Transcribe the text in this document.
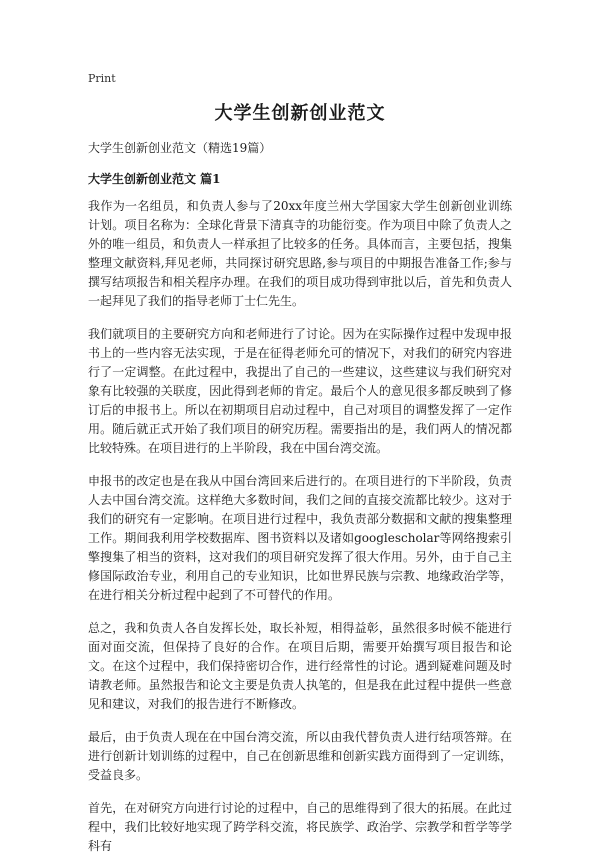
Print
大学生创新创业范文

大学生创新创业范文（精选19篇）

大学生创新创业范文 篇1

我作为一名组员，和负责人参与了20xx年度兰州大学国家大学生创新创业训练计划。项目名称为：全球化背景下清真寺的功能衍变。作为项目中除了负责人之外的唯一组员，和负责人一样承担了比较多的任务。具体而言，主要包括，搜集整理文献资料,拜见老师，共同探讨研究思路,参与项目的中期报告准备工作;参与撰写结项报告和相关程序办理。在我们的项目成功得到审批以后，首先和负责人一起拜见了我们的指导老师丁士仁先生。

我们就项目的主要研究方向和老师进行了讨论。因为在实际操作过程中发现申报书上的一些内容无法实现，于是在征得老师允可的情况下，对我们的研究内容进行了一定调整。在此过程中，我提出了自己的一些建议，这些建议与我们研究对象有比较强的关联度，因此得到老师的肯定。最后个人的意见很多都反映到了修订后的申报书上。所以在初期项目启动过程中，自己对项目的调整发挥了一定作用。随后就正式开始了我们项目的研究历程。需要指出的是，我们两人的情况都比较特殊。在项目进行的上半阶段，我在中国台湾交流。

申报书的改定也是在我从中国台湾回来后进行的。在项目进行的下半阶段，负责人去中国台湾交流。这样绝大多数时间，我们之间的直接交流都比较少。这对于我们的研究有一定影响。在项目进行过程中，我负责部分数据和文献的搜集整理工作。期间我利用学校数据库、图书资料以及诸如googlescholar等网络搜索引擎搜集了相当的资料，这对我们的项目研究发挥了很大作用。另外，由于自己主修国际政治专业，利用自己的专业知识，比如世界民族与宗教、地缘政治学等，在进行相关分析过程中起到了不可替代的作用。

总之，我和负责人各自发挥长处，取长补短，相得益彰，虽然很多时候不能进行面对面交流，但保持了良好的合作。在项目后期，需要开始撰写项目报告和论文。在这个过程中，我们保持密切合作，进行经常性的讨论。遇到疑难问题及时请教老师。虽然报告和论文主要是负责人执笔的，但是我在此过程中提供一些意见和建议，对我们的报告进行不断修改。

最后，由于负责人现在在中国台湾交流，所以由我代替负责人进行结项答辩。在进行创新计划训练的过程中，自己在创新思维和创新实践方面得到了一定训练，受益良多。

首先，在对研究方向进行讨论的过程中，自己的思维得到了很大的拓展。在此过程中，我们比较好地实现了跨学科交流，将民族学、政治学、宗教学和哲学等学科有
